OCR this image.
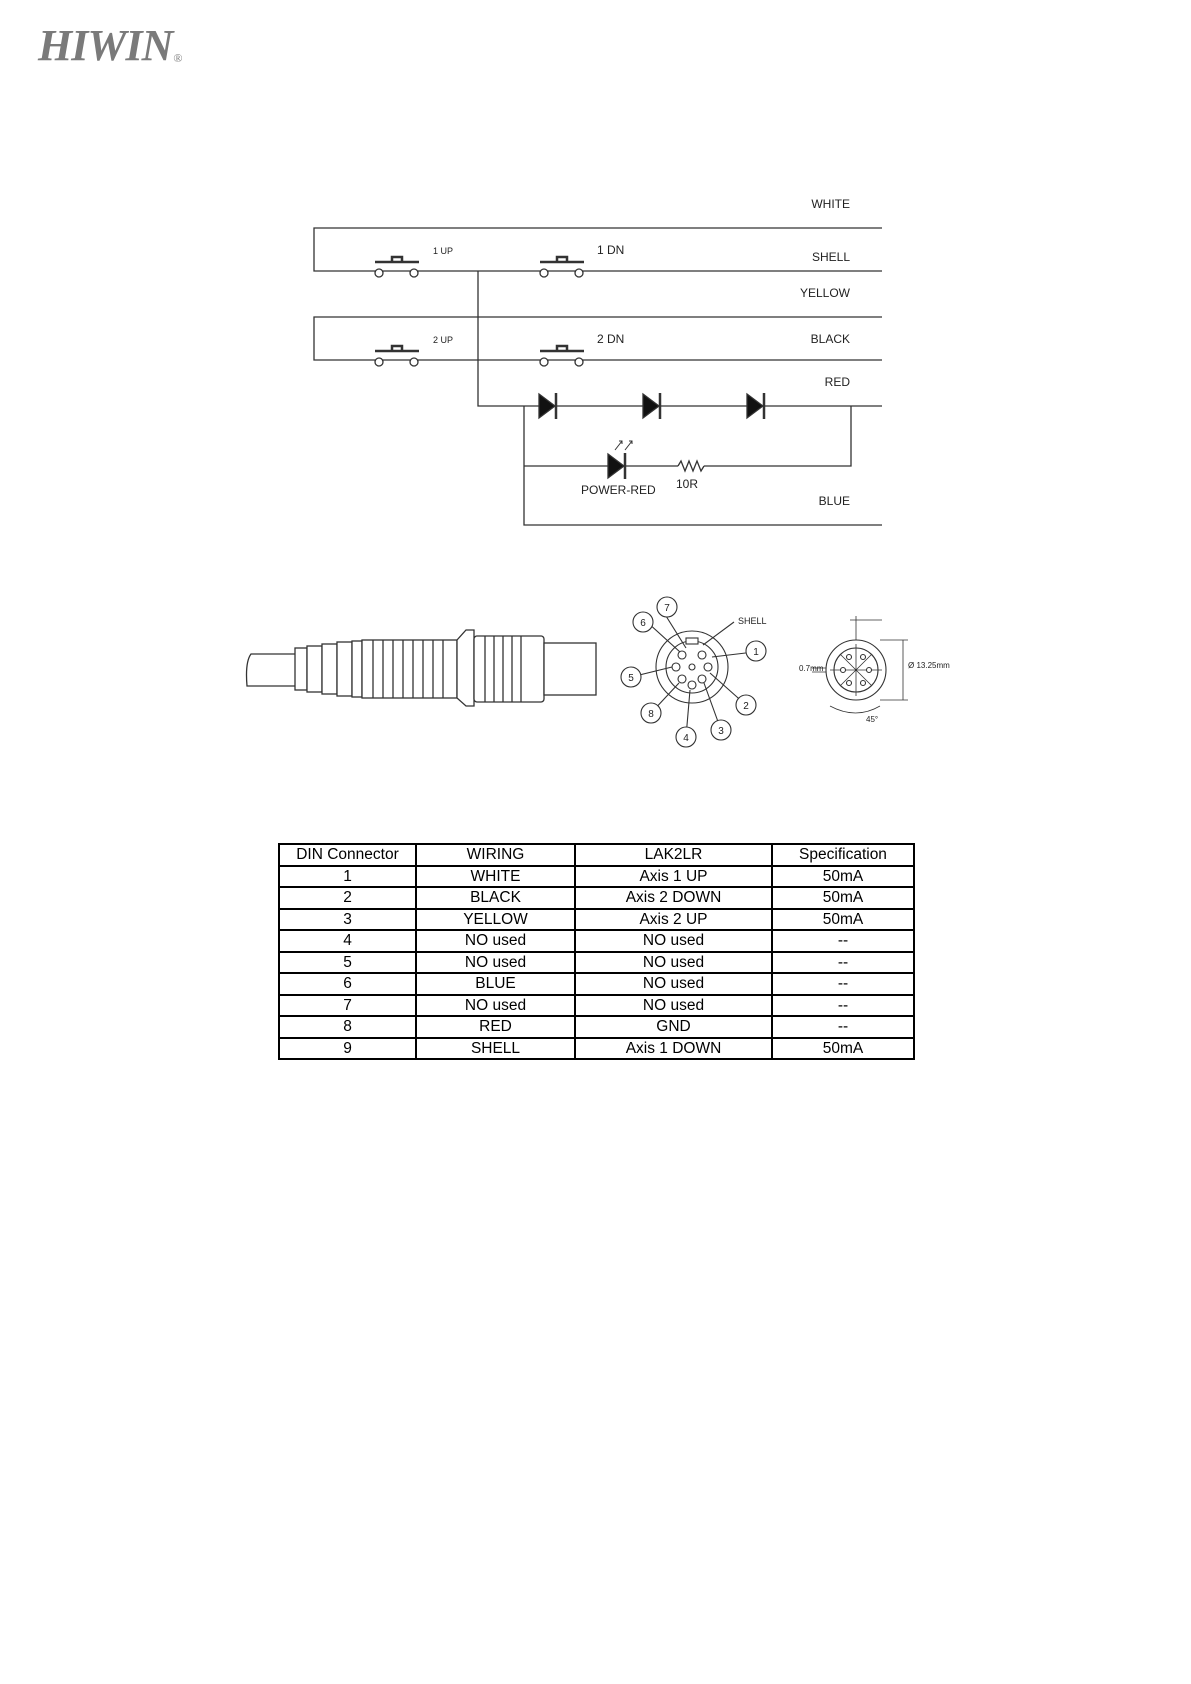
HIWIN®
WHITE
SHELL
YELLOW
BLACK
RED
BLUE
1 UP	1 DN
2 UP	2 DN
POWER-RED 10R
7
6
5
8
4
3
2
1
SHELL
0.7mm	Ø 13.25mm
45°
DIN Connector	WIRING	LAK2LR	Specification
1	WHITE	Axis 1 UP	50mA
2	BLACK	Axis 2 DOWN	50mA
3	YELLOW	Axis 2 UP	50mA
4	NO used	NO used	--
5	NO used	NO used	--
6	BLUE	NO used	--
7	NO used	NO used	--
8	RED	GND	--
9	SHELL	Axis 1 DOWN	50mA
